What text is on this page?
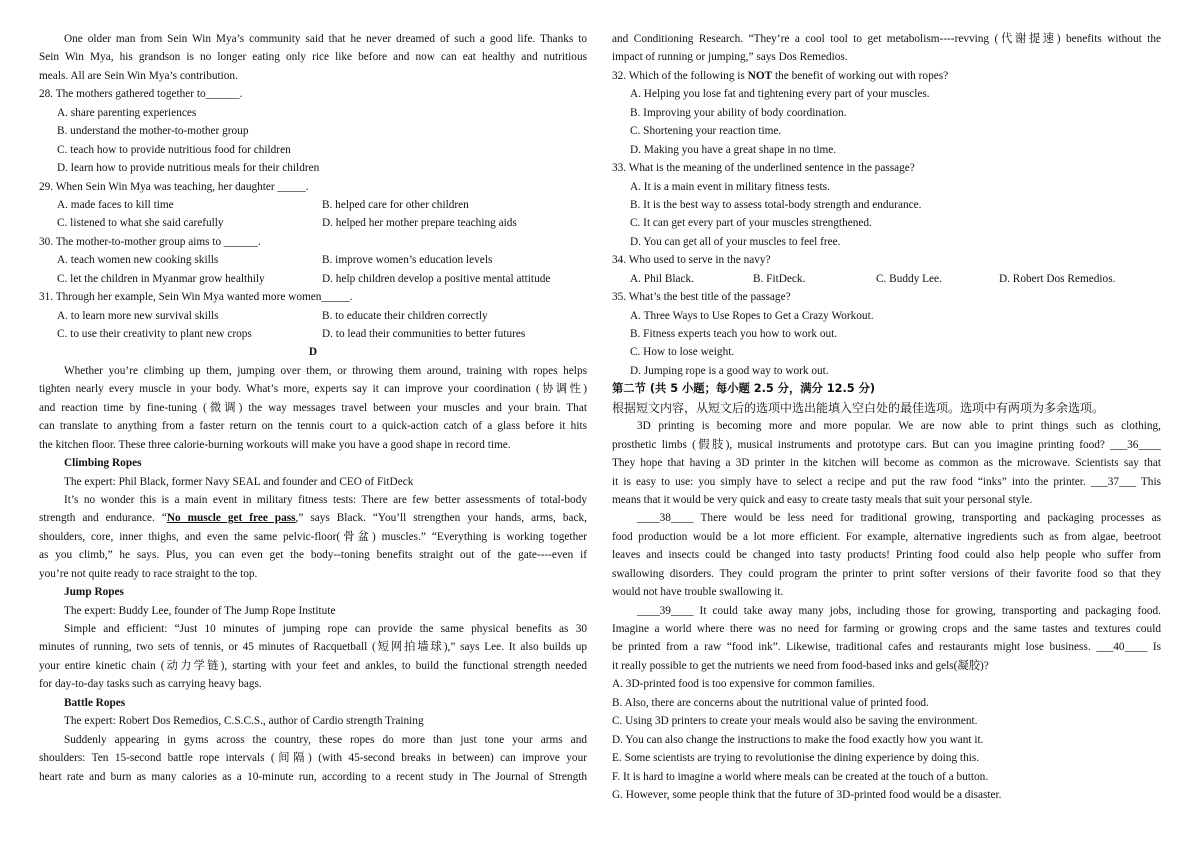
One older man from Sein Win Mya’s community said that he never dreamed of such a good life. Thanks to
Sein Win Mya, his grandson is no longer eating only rice like before and now can eat healthy and nutritious
meals. All are Sein Win Mya’s contribution.
28. The mothers gathered together to______.
A. share parenting experiences
B. understand the mother-to-mother group
C. teach how to provide nutritious food for children
D. learn how to provide nutritious meals for their children
29. When Sein Win Mya was teaching, her daughter _____.
A. made faces to kill time	B. helped care for other children
C. listened to what she said carefully	D. helped her mother prepare teaching aids
30. The mother-to-mother group aims to ______.
A. teach women new cooking skills	B. improve women’s education levels
C. let the children in Myanmar grow healthily	D. help children develop a positive mental attitude
31. Through her example, Sein Win Mya wanted more women_____.
A. to learn more new survival skills	B. to educate their children correctly
C. to use their creativity to plant new crops	D. to lead their communities to better futures
D
Whether you’re climbing up them, jumping over them, or throwing them around, training with ropes helps
tighten nearly every muscle in your body. What’s more, experts say it can improve your coordination (协调性)
and reaction time by fine-tuning (微调) the way messages travel between your muscles and your brain. That
can translate to anything from a faster return on the tennis court to a quick-action catch of a glass before it hits
the kitchen floor. These three calorie-burning workouts will make you have a good shape in record time.
Climbing Ropes
The expert: Phil Black, former Navy SEAL and founder and CEO of FitDeck
It’s no wonder this is a main event in military fitness tests: There are few better assessments of total-body
strength and endurance. “No muscle get free pass,” says Black. “You’ll strengthen your hands, arms, back,
shoulders, core, inner thighs, and even the same pelvic-floor(骨盆) muscles.” “Everything is working together
as you climb,” he says. Plus, you can even get the body--toning benefits straight out of the gate----even if
you’re not quite ready to race straight to the top.
Jump Ropes
The expert: Buddy Lee, founder of The Jump Rope Institute
Simple and efficient: “Just 10 minutes of jumping rope can provide the same physical benefits as 30
minutes of running, two sets of tennis, or 45 minutes of Racquetball (短网拍墙球),” says Lee. It also builds up
your entire kinetic chain (动力学链), starting with your feet and ankles, to build the functional strength needed
for day-to-day tasks such as carrying heavy bags.
Battle Ropes
The expert: Robert Dos Remedios, C.S.C.S., author of Cardio strength Training
Suddenly appearing in gyms across the country, these ropes do more than just tone your arms and
shoulders: Ten 15-second battle rope intervals (间隔) (with 45-second breaks in between) can improve your
heart rate and burn as many calories as a 10-minute run, according to a recent study in The Journal of Strength
and Conditioning Research. “They’re a cool tool to get metabolism----revving (代谢提速) benefits without the
impact of running or jumping,” says Dos Remedios.
32. Which of the following is NOT the benefit of working out with ropes?
A. Helping you lose fat and tightening every part of your muscles.
B. Improving your ability of body coordination.
C. Shortening your reaction time.
D. Making you have a great shape in no time.
33. What is the meaning of the underlined sentence in the passage?
A. It is a main event in military fitness tests.
B. It is the best way to assess total-body strength and endurance.
C. It can get every part of your muscles strengthened.
D. You can get all of your muscles to feel free.
34. Who used to serve in the navy?
A. Phil Black.	B. FitDeck.	C. Buddy Lee.	D. Robert Dos Remedios.
35. What’s the best title of the passage?
A. Three Ways to Use Ropes to Get a Crazy Workout.
B. Fitness experts teach you how to work out.
C. How to lose weight.
D. Jumping rope is a good way to work out.
第二节 (共 5 小题；每小题 2.5 分，满分 12.5 分)
根据短文内容，从短文后的选项中选出能填入空白处的最佳选项。选项中有两项为多余选项。
3D printing is becoming more and more popular. We are now able to print things such as clothing,
prosthetic limbs (假肢), musical instruments and prototype cars. But can you imagine printing food? ___36____
They hope that having a 3D printer in the kitchen will become as common as the microwave. Scientists say that
it is easy to use: you simply have to select a recipe and put the raw food “inks” into the printer. ___37___ This
means that it would be very quick and easy to create tasty meals that suit your personal style.
____38____ There would be less need for traditional growing, transporting and packaging processes as
food production would be a lot more efficient. For example, alternative ingredients such as from algae, beetroot
leaves and insects could be changed into tasty products! Printing food could also help people who suffer from
swallowing disorders. They could program the printer to print softer versions of their favorite food so that they
would not have trouble swallowing it.
____39____ It could take away many jobs, including those for growing, transporting and packaging food.
Imagine a world where there was no need for farming or growing crops and the same tastes and textures could
be printed from a raw “food ink”. Likewise, traditional cafes and restaurants might lose business. ___40____ Is
it really possible to get the nutrients we need from food-based inks and gels(凝胶)?
A. 3D-printed food is too expensive for common families.
B. Also, there are concerns about the nutritional value of printed food.
C. Using 3D printers to create your meals would also be saving the environment.
D. You can also change the instructions to make the food exactly how you want it.
E. Some scientists are trying to revolutionise the dining experience by doing this.
F. It is hard to imagine a world where meals can be created at the touch of a button.
G. However, some people think that the future of 3D-printed food would be a disaster.
